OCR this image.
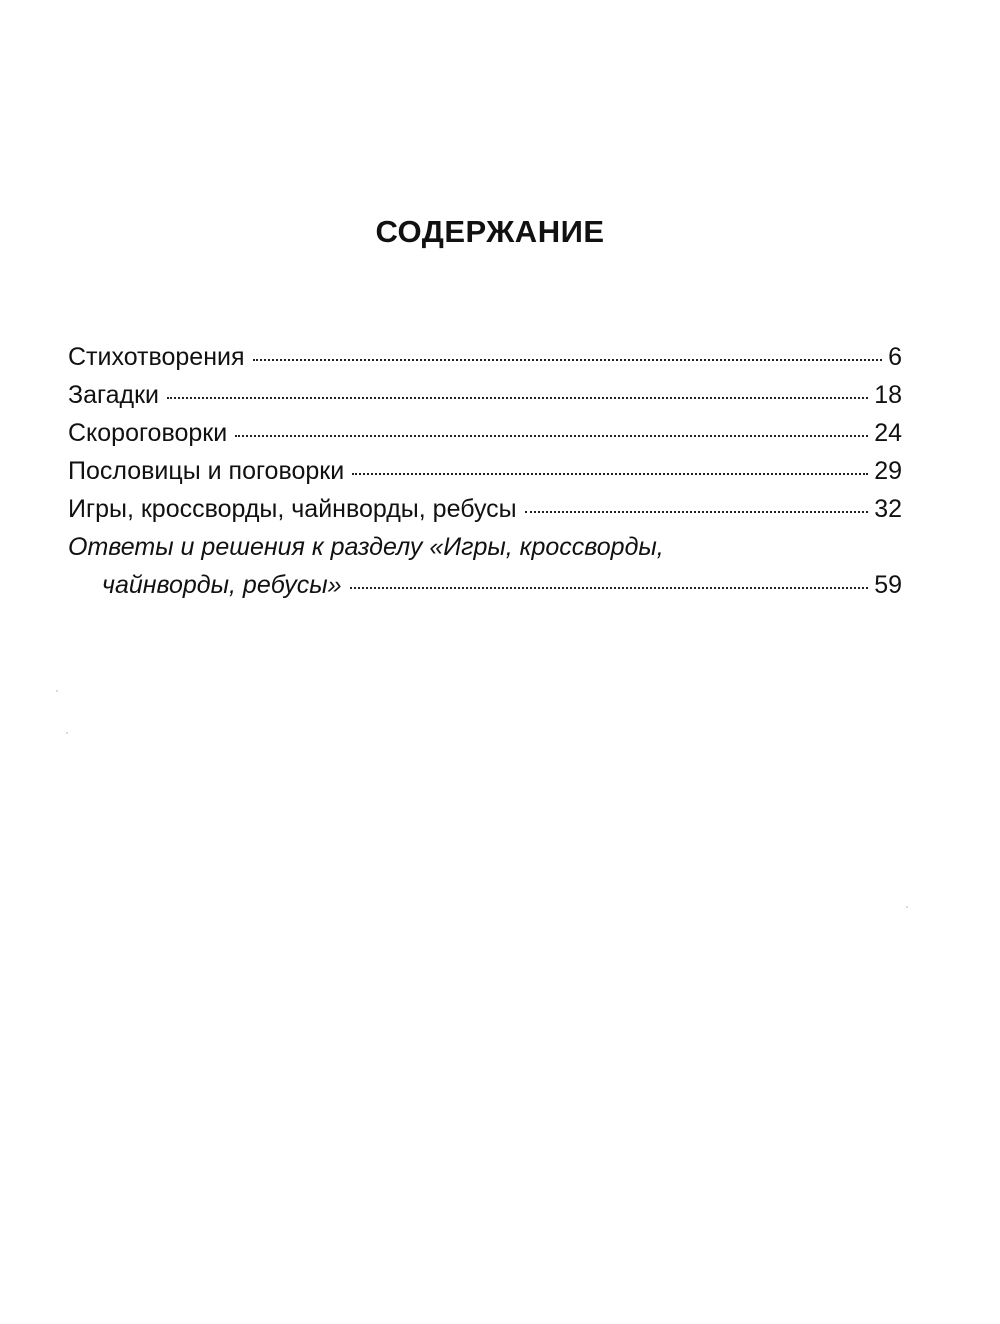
СОДЕРЖАНИЕ
Стихотворения	6
Загадки	18
Скороговорки	24
Пословицы и поговорки	29
Игры, кроссворды, чайнворды, ребусы	32
Ответы и решения к разделу «Игры, кроссворды,
чайнворды, ребусы»	59
